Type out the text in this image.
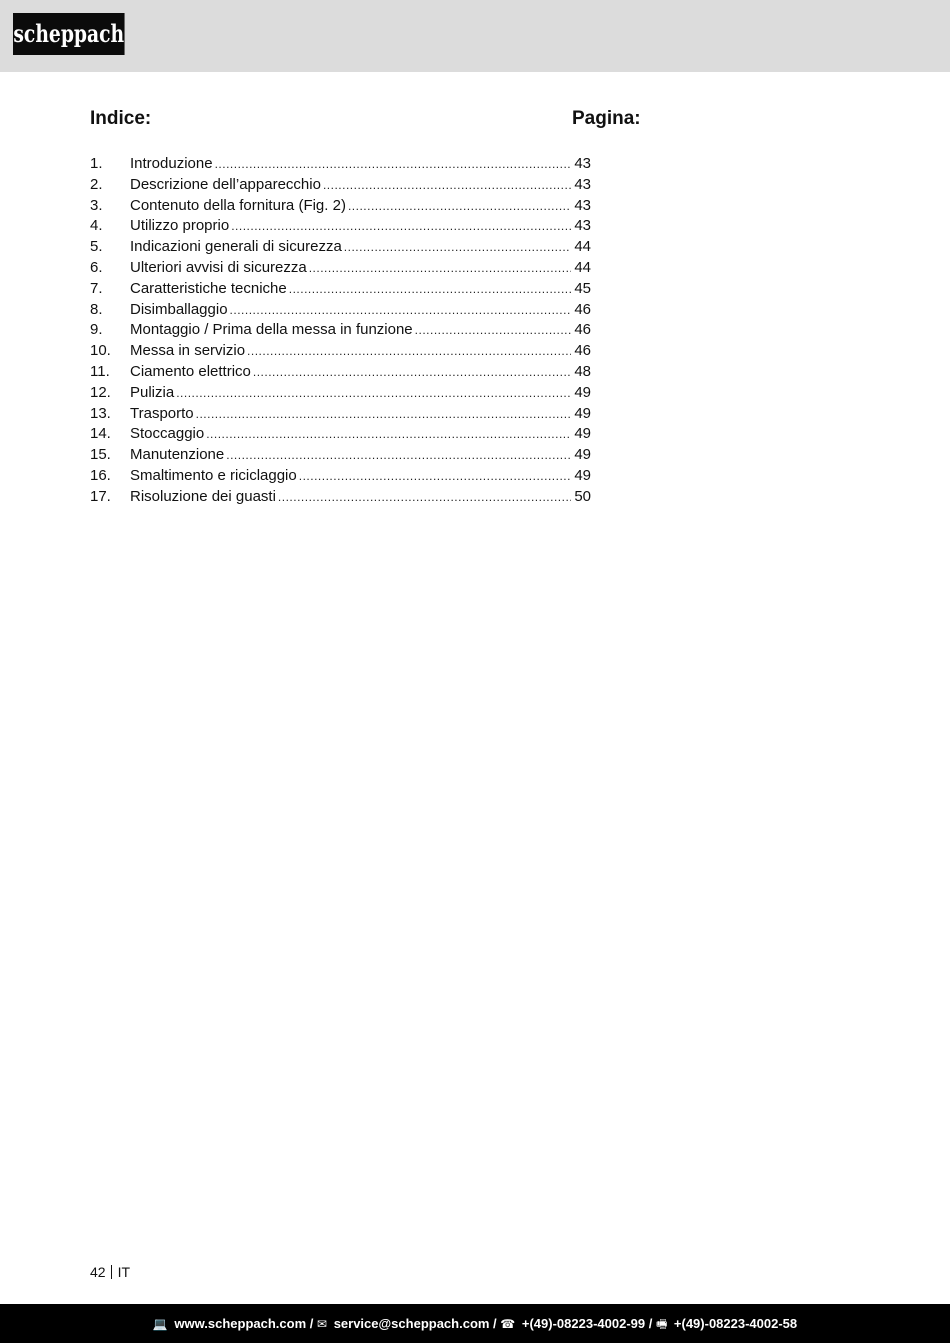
scheppach
Indice:	Pagina:
1.	Introduzione .....	43
2.	Descrizione dell’apparecchio .....	43
3.	Contenuto della fornitura (Fig. 2) .....	43
4.	Utilizzo proprio .....	43
5.	Indicazioni generali di sicurezza .....	44
6.	Ulteriori avvisi di sicurezza .....	44
7.	Caratteristiche tecniche .....	45
8.	Disimballaggio .....	46
9.	Montaggio / Prima della messa in funzione .....	46
10.	Messa in servizio .....	46
11.	Ciamento elettrico .....	48
12.	Pulizia .....	49
13.	Trasporto .....	49
14.	Stoccaggio .....	49
15.	Manutenzione .....	49
16.	Smaltimento e riciclaggio .....	49
17.	Risoluzione dei guasti .....	50
42 IT
💻 www.scheppach.com / ✉ service@scheppach.com / ☎ +(49)-08223-4002-99 / 🖷 +(49)-08223-4002-58
